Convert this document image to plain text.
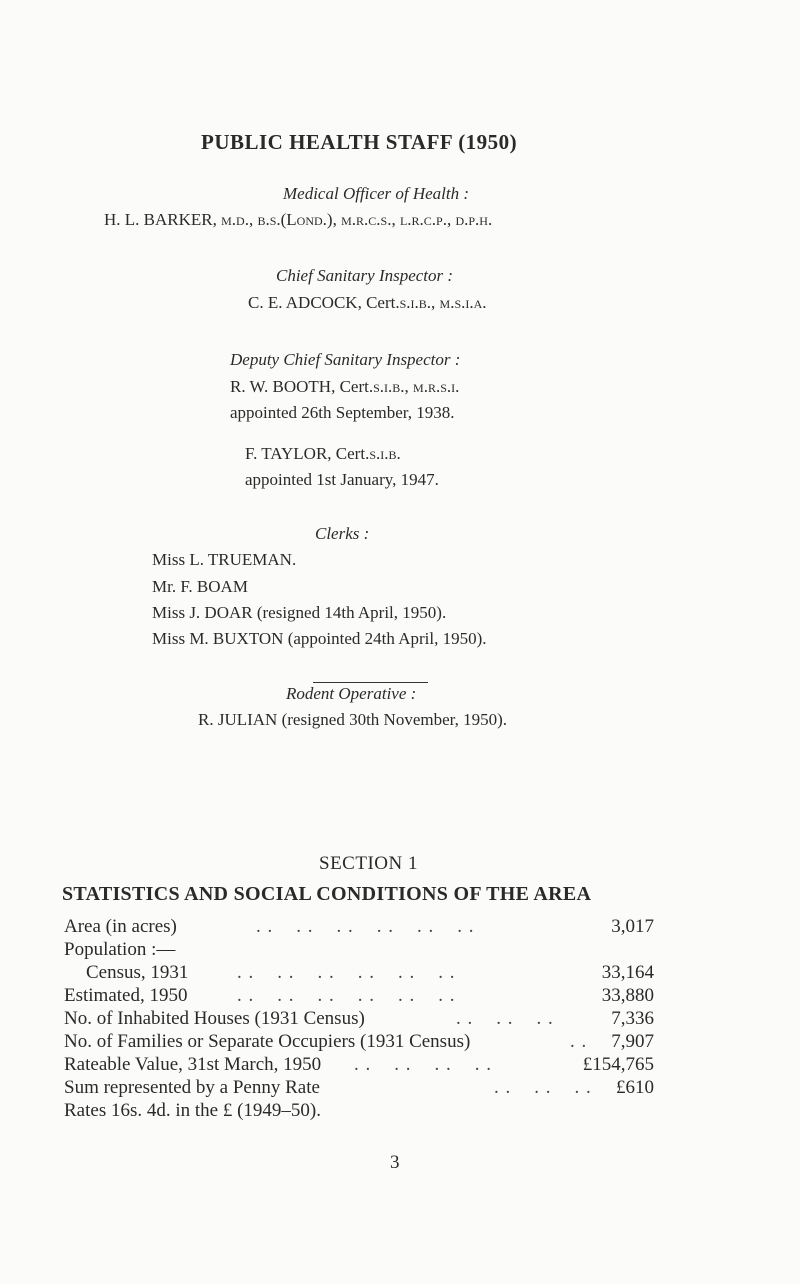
PUBLIC HEALTH STAFF (1950)
Medical Officer of Health :
H. L. BARKER, m.d., b.s.(Lond.), m.r.c.s., l.r.c.p., d.p.h.
Chief Sanitary Inspector :
C. E. ADCOCK, Cert.s.i.b., m.s.i.a.
Deputy Chief Sanitary Inspector :
R. W. BOOTH, Cert.s.i.b., m.r.s.i.
appointed 26th September, 1938.
F. TAYLOR, Cert.s.i.b.
appointed 1st January, 1947.
Clerks :
Miss L. TRUEMAN.
Mr. F. BOAM
Miss J. DOAR (resigned 14th April, 1950).
Miss M. BUXTON (appointed 24th April, 1950).
Rodent Operative :
R. JULIAN (resigned 30th November, 1950).
SECTION 1
STATISTICS AND SOCIAL CONDITIONS OF THE AREA
Area (in acres)	. .    . .    . .    . .    . .    . .	3,017
Population :—
Census, 1931	. .    . .    . .    . .    . .    . .	33,164
Estimated, 1950	. .    . .    . .    . .    . .    . .	33,880
No. of Inhabited Houses (1931 Census)	. .    . .    . .	7,336
No. of Families or Separate Occupiers (1931 Census)	. . 7,907
Rateable Value, 31st March, 1950 . .    . .    . .    . .	£154,765
Sum represented by a Penny Rate	. .    . .    . . £610
Rates 16s. 4d. in the £ (1949–50).
3
